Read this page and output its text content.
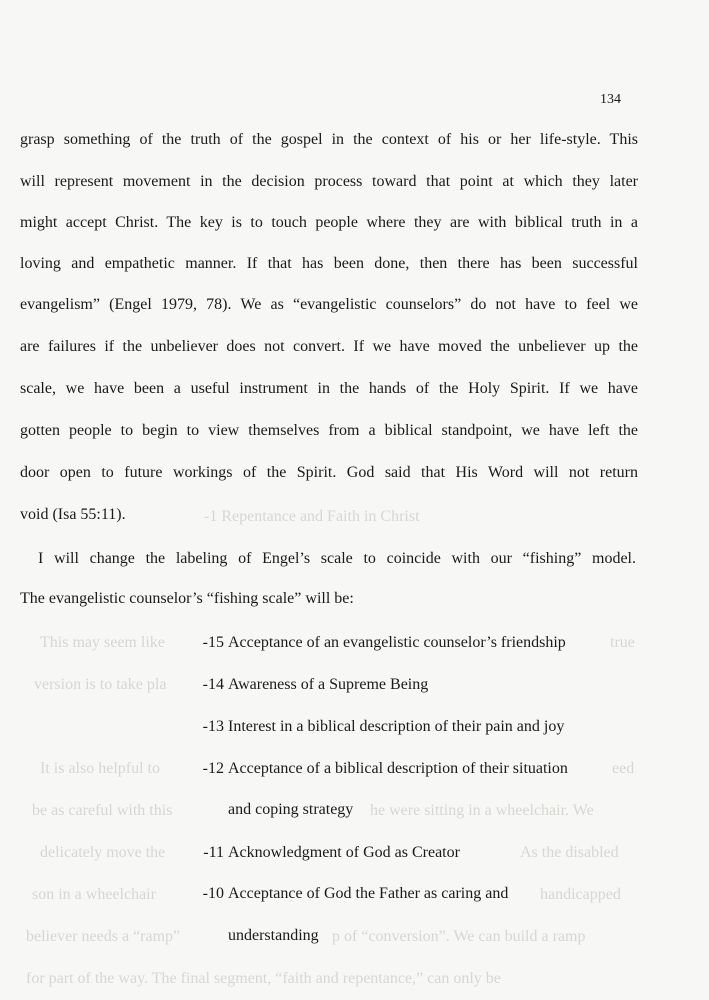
-1 Repentance and Faith in Christ
This may seem like	true
version is to take pla
It is also helpful to	eed
be as careful with this	he were sitting in a wheelchair. We
delicately move the	As the disabled
son in a wheelchair	handicapped
believer needs a “ramp”	p of “conversion”. We can build a ramp
for part of the way. The final segment, “faith and repentance,” can only be
134
grasp something of the truth of the gospel in the context of his or her life-style. This
will represent movement in the decision process toward that point at which they later
might accept Christ. The key is to touch people where they are with biblical truth in a
loving and empathetic manner. If that has been done, then there has been successful
evangelism” (Engel 1979, 78). We as “evangelistic counselors” do not have to feel we
are failures if the unbeliever does not convert. If we have moved the unbeliever up the
scale, we have been a useful instrument in the hands of the Holy Spirit. If we have
gotten people to begin to view themselves from a biblical standpoint, we have left the
door open to future workings of the Spirit. God said that His Word will not return
void (Isa 55:11).
I will change the labeling of Engel’s scale to coincide with our “fishing” model.
The evangelistic counselor’s “fishing scale” will be:
-15 Acceptance of an evangelistic counselor’s friendship
-14 Awareness of a Supreme Being
-13 Interest in a biblical description of their pain and joy
-12 Acceptance of a biblical description of their situation
and coping strategy
-11 Acknowledgment of God as Creator
-10 Acceptance of God the Father as caring and
understanding
